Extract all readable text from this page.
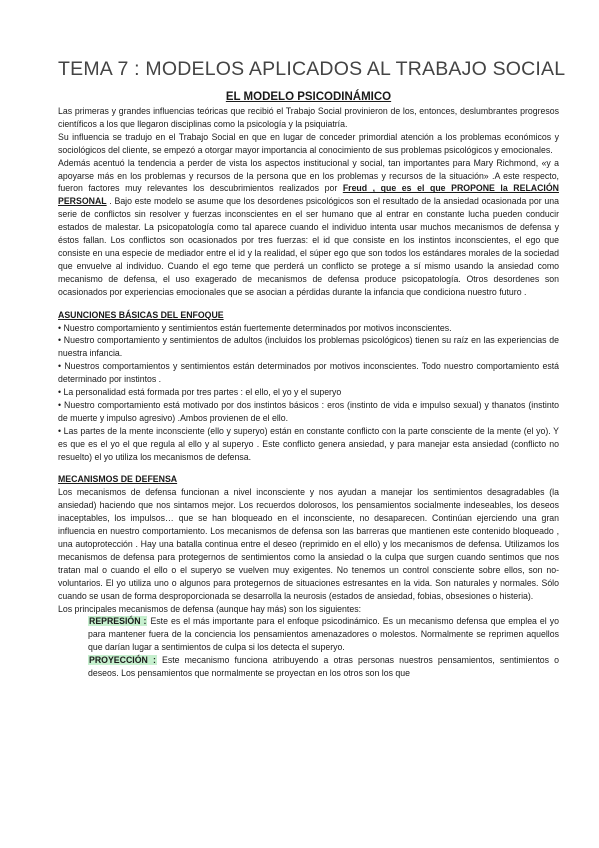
TEMA 7 : MODELOS APLICADOS AL TRABAJO SOCIAL
EL MODELO PSICODINÁMICO

Las primeras y grandes influencias teóricas que recibió el Trabajo Social provinieron de los, entonces, deslumbrantes progresos científicos a los que llegaron disciplinas como la psicología y la psiquiatría.

Su influencia se tradujo en el Trabajo Social en que en lugar de conceder primordial atención a los problemas económicos y sociológicos del cliente, se empezó a otorgar mayor importancia al conocimiento de sus problemas psicológicos y emocionales.

Además acentuó la tendencia a perder de vista los aspectos institucional y social, tan importantes para Mary Richmond, «y a apoyarse más en los problemas y recursos de la persona que en los problemas y recursos de la situación» .A este respecto, fueron factores muy relevantes los descubrimientos realizados por Freud , que es el que PROPONE la RELACIÓN PERSONAL . Bajo este modelo se asume que los desordenes psicológicos son el resultado de la ansiedad ocasionada por una serie de conflictos sin resolver y fuerzas inconscientes en el ser humano que al entrar en constante lucha pueden conducir estados de malestar. La psicopatología como tal aparece cuando el individuo intenta usar muchos mecanismos de defensa y éstos fallan. Los conflictos son ocasionados por tres fuerzas: el id que consiste en los instintos inconscientes, el ego que consiste en una especie de mediador entre el id y la realidad, el súper ego que son todos los estándares morales de la sociedad que envuelve al individuo. Cuando el ego teme que perderá un conflicto se protege a sí mismo usando la ansiedad como mecanismo de defensa, el uso exagerado de mecanismos de defensa produce psicopatología. Otros desordenes son ocasionados por experiencias emocionales que se asocian a pérdidas durante la infancia que condiciona nuestro futuro .

ASUNCIONES BÁSICAS DEL ENFOQUE

• Nuestro comportamiento y sentimientos están fuertemente determinados por motivos inconscientes.

• Nuestro comportamiento y sentimientos de adultos (incluidos los problemas psicológicos) tienen su raíz en las experiencias de nuestra infancia.

• Nuestros comportamientos y sentimientos están determinados por motivos inconscientes. Todo nuestro comportamiento está determinado por instintos .

• La personalidad está formada por tres partes : el ello, el yo y el superyo

• Nuestro comportamiento está motivado por dos instintos básicos : eros (instinto de vida e impulso sexual) y thanatos (instinto de muerte y impulso agresivo) .Ambos provienen de el ello.

• Las partes de la mente inconsciente (ello y superyo) están en constante conflicto con la parte consciente de la mente (el yo). Y es que es el yo el que regula al ello y al superyo . Este conflicto genera ansiedad, y para manejar esta ansiedad (conflicto no resuelto) el yo utiliza los mecanismos de defensa.

MECANISMOS DE DEFENSA

Los mecanismos de defensa funcionan a nivel inconsciente y nos ayudan a manejar los sentimientos desagradables (la ansiedad) haciendo que nos sintamos mejor. Los recuerdos dolorosos, los pensamientos socialmente indeseables, los deseos inaceptables, los impulsos… que se han bloqueado en el inconsciente, no desaparecen. Continúan ejerciendo una gran influencia en nuestro comportamiento. Los mecanismos de defensa son las barreras que mantienen este contenido bloqueado , una autoprotección . Hay una batalla continua entre el deseo (reprimido en el ello) y los mecanismos de defensa. Utilizamos los mecanismos de defensa para protegernos de sentimientos como la ansiedad o la culpa que surgen cuando sentimos que nos tratan mal o cuando el ello o el superyo se vuelven muy exigentes. No tenemos un control consciente sobre ellos, son no-voluntarios. El yo utiliza uno o algunos para protegernos de situaciones estresantes en la vida. Son naturales y normales. Sólo cuando se usan de forma desproporcionada se desarrolla la neurosis (estados de ansiedad, fobias, obsesiones o histeria).

Los principales mecanismos de defensa (aunque hay más) son los siguientes:

REPRESIÓN : Este es el más importante para el enfoque psicodinámico. Es un mecanismo defensa que emplea el yo para mantener fuera de la conciencia los pensamientos amenazadores o molestos. Normalmente se reprimen aquellos que darían lugar a sentimientos de culpa si los detecta el superyo.
PROYECCIÓN : Este mecanismo funciona atribuyendo a otras personas nuestros pensamientos, sentimientos o deseos. Los pensamientos que normalmente se proyectan en los otros son los que
